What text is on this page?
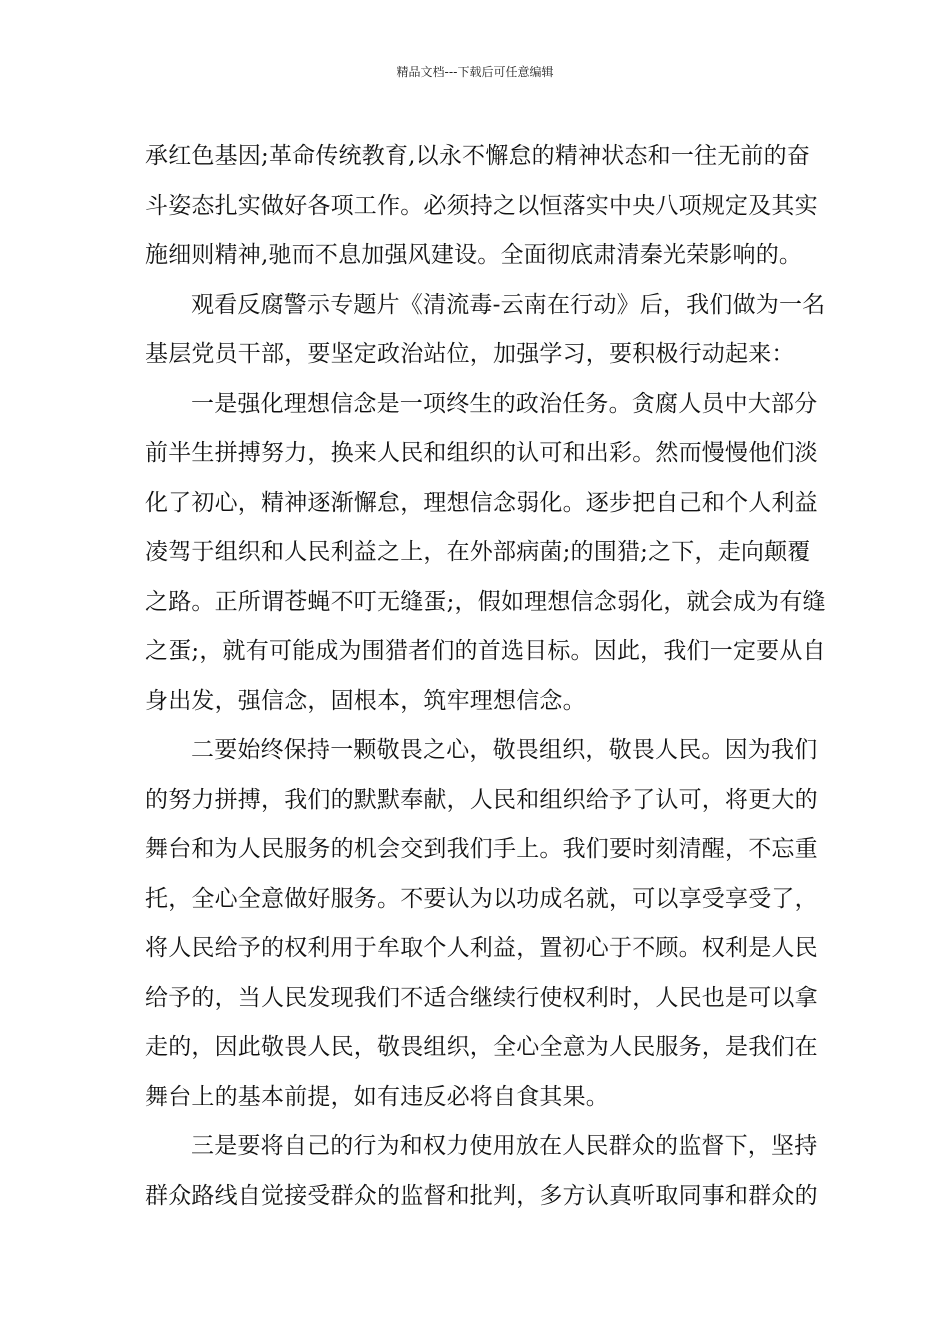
精品文档---下载后可任意编辑
承红色基因;革命传统教育,以永不懈怠的精神状态和一往无前的奋
斗姿态扎实做好各项工作。必须持之以恒落实中央八项规定及其实
施细则精神,驰而不息加强风建设。全面彻底肃清秦光荣影响的。
观看反腐警示专题片《清流毒-云南在行动》后，我们做为一名
基层党员干部，要坚定政治站位，加强学习，要积极行动起来：
一是强化理想信念是一项终生的政治任务。贪腐人员中大部分
前半生拼搏努力，换来人民和组织的认可和出彩。然而慢慢他们淡
化了初心，精神逐渐懈怠，理想信念弱化。逐步把自己和个人利益
凌驾于组织和人民利益之上，在外部病菌;的围猎;之下，走向颠覆
之路。正所谓苍蝇不叮无缝蛋;，假如理想信念弱化，就会成为有缝
之蛋;，就有可能成为围猎者们的首选目标。因此，我们一定要从自
身出发，强信念，固根本，筑牢理想信念。
二要始终保持一颗敬畏之心，敬畏组织，敬畏人民。因为我们
的努力拼搏，我们的默默奉献，人民和组织给予了认可，将更大的
舞台和为人民服务的机会交到我们手上。我们要时刻清醒，不忘重
托，全心全意做好服务。不要认为以功成名就，可以享受享受了，
将人民给予的权利用于牟取个人利益，置初心于不顾。权利是人民
给予的，当人民发现我们不适合继续行使权利时，人民也是可以拿
走的，因此敬畏人民，敬畏组织，全心全意为人民服务，是我们在
舞台上的基本前提，如有违反必将自食其果。
三是要将自己的行为和权力使用放在人民群众的监督下，坚持
群众路线自觉接受群众的监督和批判，多方认真听取同事和群众的
